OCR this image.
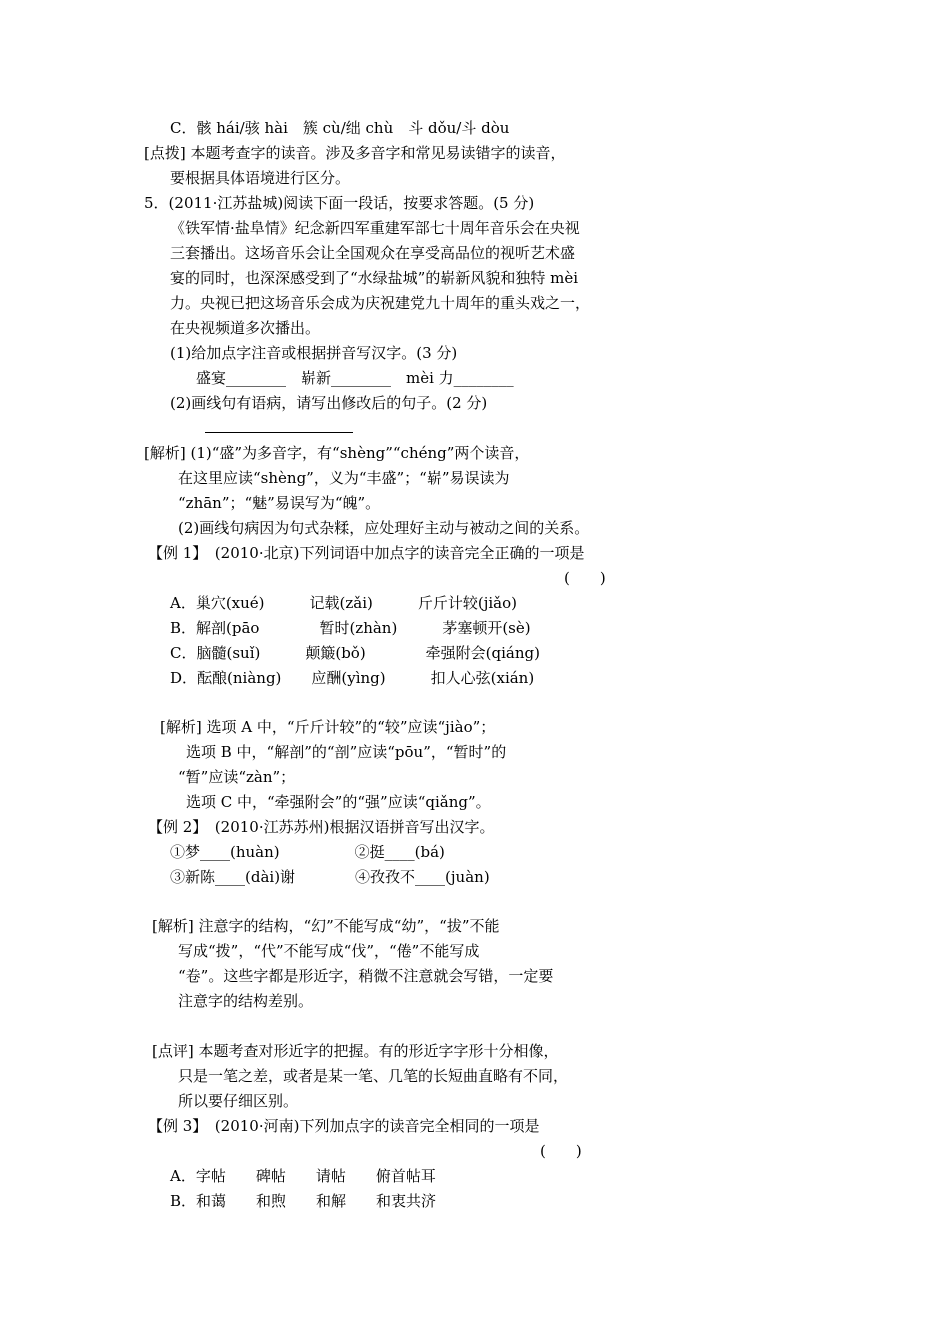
C．骸 hái/骇 hài　簇 cù/绌 chù　斗 dǒu/斗 dòu
[点拨] 本题考查字的读音。涉及多音字和常见易读错字的读音，
要根据具体语境进行区分。
5．(2011·江苏盐城)阅读下面一段话，按要求答题。(5 分)
《铁军情·盐阜情》纪念新四军重建军部七十周年音乐会在央视
三套播出。这场音乐会让全国观众在享受高品位的视听艺术盛
宴的同时，也深深感受到了“水绿盐城”的崭新风貌和独特 mèi
力。央视已把这场音乐会成为庆祝建党九十周年的重头戏之一，
在央视频道多次播出。
(1)给加点字注音或根据拼音写汉字。(3 分)
盛宴________　崭新________　mèi 力________
(2)画线句有语病，请写出修改后的句子。(2 分)
[解析] (1)“盛”为多音字，有“shèng”“chéng”两个读音，
在这里应读“shèng”，义为“丰盛”；“崭”易误读为
“zhān”；“魅”易误写为“魄”。
(2)画线句病因为句式杂糅，应处理好主动与被动之间的关系。
【例 1】　(2010·北京)下列词语中加点字的读音完全正确的一项是
(　　)
A．巢穴(xué)　　　记载(zǎi)　　　斤斤计较(jiǎo)
B．解剖(pāo　　　　暂时(zhàn)　　　茅塞顿开(sè)
C．脑髓(suǐ)　　　颠簸(bǒ)　　　　牵强附会(qiáng)
D．酝酿(niàng)　　应酬(yìng)　　　扣人心弦(xián)
[解析] 选项 A 中，“斤斤计较”的“较”应读“jiào”；
选项 B 中，“解剖”的“剖”应读“pōu”，“暂时”的
“暂”应读“zàn”；
选项 C 中，“牵强附会”的“强”应读“qiǎng”。
【例 2】　(2010·江苏苏州)根据汉语拼音写出汉字。
①梦____(huàn)　　　　　②挺____(bá)
③新陈____(dài)谢　　　　④孜孜不____(juàn)
[解析] 注意字的结构，“幻”不能写成“幼”，“拔”不能
写成“拨”，“代”不能写成“伐”，“倦”不能写成
“卷”。这些字都是形近字，稍微不注意就会写错，一定要
注意字的结构差别。
[点评] 本题考查对形近字的把握。有的形近字字形十分相像，
只是一笔之差，或者是某一笔、几笔的长短曲直略有不同，
所以要仔细区别。
【例 3】　(2010·河南)下列加点字的读音完全相同的一项是
(　　)
A．字帖　　碑帖　　请帖　　俯首帖耳
B．和蔼　　和煦　　和解　　和衷共济
